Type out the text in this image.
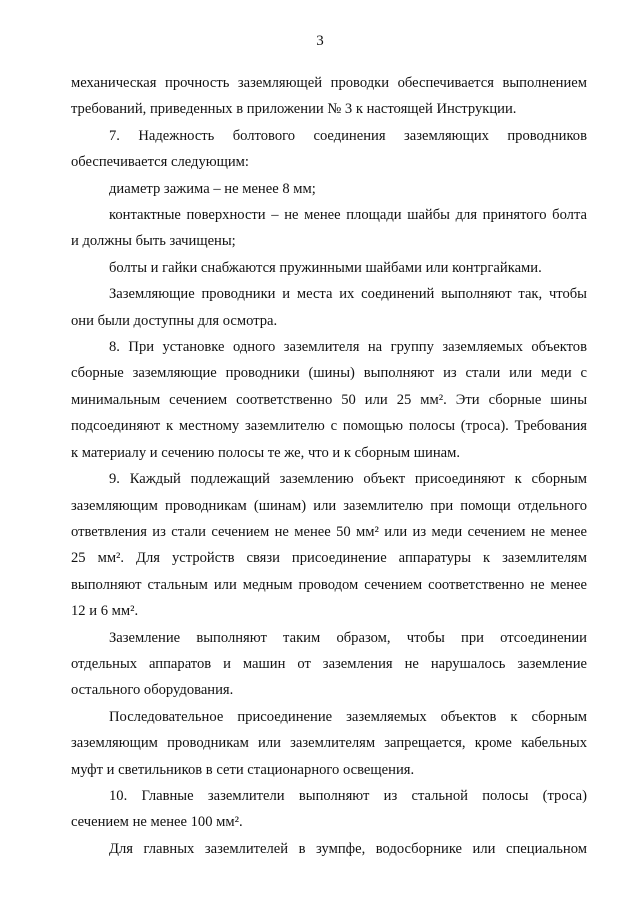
3
механическая прочность заземляющей проводки обеспечивается выполнением
требований, приведенных в приложении № 3 к настоящей Инструкции.
7. Надежность болтового соединения заземляющих проводников
обеспечивается следующим:
диаметр зажима – не менее 8 мм;
контактные поверхности – не менее площади шайбы для принятого болта
и должны быть зачищены;
болты и гайки снабжаются пружинными шайбами или контргайками.
Заземляющие проводники и места их соединений выполняют так, чтобы
они были доступны для осмотра.
8. При установке одного заземлителя на группу заземляемых объектов
сборные заземляющие проводники (шины) выполняют из стали или меди с
минимальным сечением соответственно 50 или 25 мм². Эти сборные шины
подсоединяют к местному заземлителю с помощью полосы (троса). Требования
к материалу и сечению полосы те же, что и к сборным шинам.
9. Каждый подлежащий заземлению объект присоединяют к сборным
заземляющим проводникам (шинам) или заземлителю при помощи отдельного
ответвления из стали сечением не менее 50 мм² или из меди сечением не менее
25 мм². Для устройств связи присоединение аппаратуры к заземлителям
выполняют стальным или медным проводом сечением соответственно не менее
12 и 6 мм².
Заземление выполняют таким образом, чтобы при отсоединении
отдельных аппаратов и машин от заземления не нарушалось заземление
остального оборудования.
Последовательное присоединение заземляемых объектов к сборным
заземляющим проводникам или заземлителям запрещается, кроме кабельных
муфт и светильников в сети стационарного освещения.
10. Главные заземлители выполняют из стальной полосы (троса)
сечением не менее 100 мм².
Для главных заземлителей в зумпфе, водосборнике или специальном
